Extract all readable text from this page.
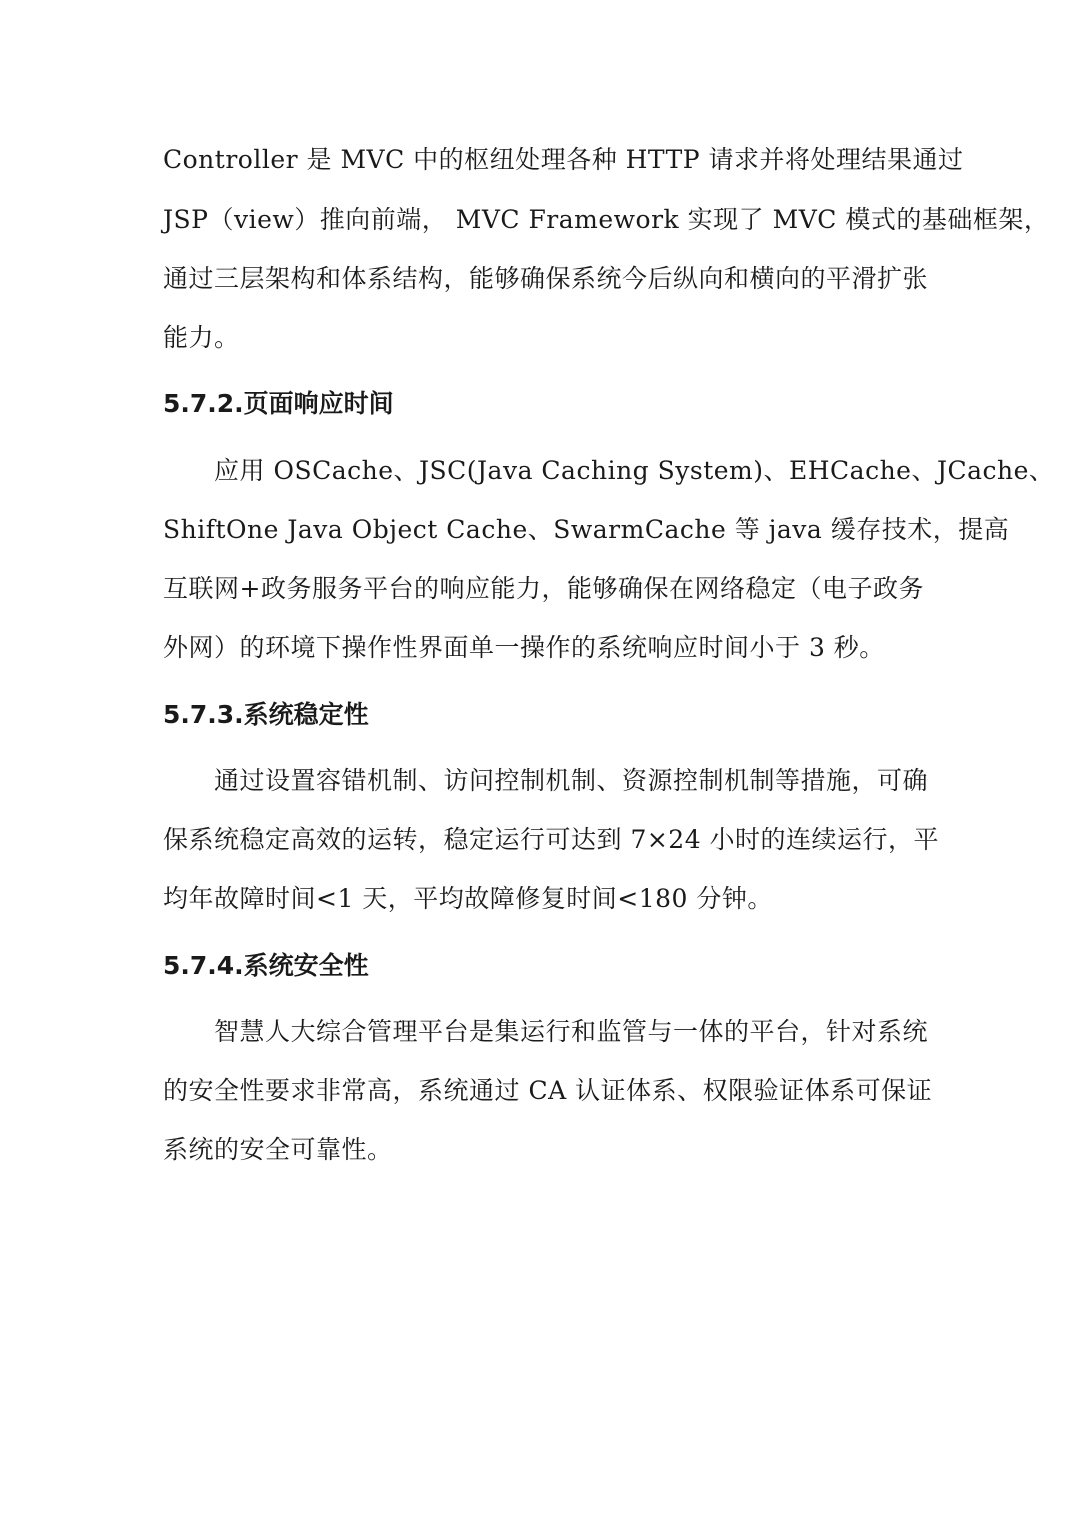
Controller 是 MVC 中的枢纽处理各种 HTTP 请求并将处理结果通过
JSP（view）推向前端， MVC Framework 实现了 MVC 模式的基础框架，
通过三层架构和体系结构，能够确保系统今后纵向和横向的平滑扩张
能力。
5.7.2.页面响应时间
应用 OSCache、JSC(Java Caching System)、EHCache、JCache、
ShiftOne Java Object Cache、SwarmCache 等 java 缓存技术，提高
互联网+政务服务平台的响应能力，能够确保在网络稳定（电子政务
外网）的环境下操作性界面单一操作的系统响应时间小于 3 秒。
5.7.3.系统稳定性
通过设置容错机制、访问控制机制、资源控制机制等措施，可确
保系统稳定高效的运转，稳定运行可达到 7×24 小时的连续运行，平
均年故障时间<1 天，平均故障修复时间<180 分钟。
5.7.4.系统安全性
智慧人大综合管理平台是集运行和监管与一体的平台，针对系统
的安全性要求非常高，系统通过 CA 认证体系、权限验证体系可保证
系统的安全可靠性。
